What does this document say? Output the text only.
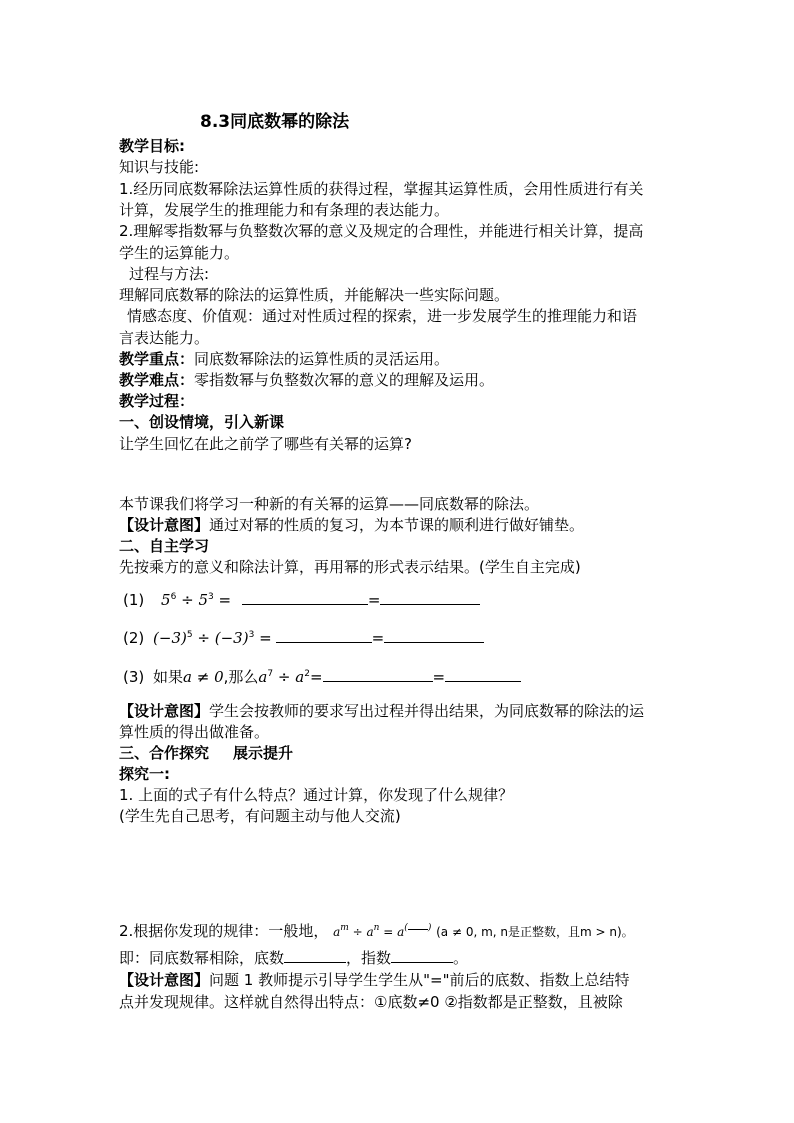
8.3同底数幂的除法
教学目标:
知识与技能:
1.经历同底数幂除法运算性质的获得过程，掌握其运算性质，会用性质进行有关
计算，发展学生的推理能力和有条理的表达能力。
2.理解零指数幂与负整数次幂的意义及规定的合理性，并能进行相关计算，提高
学生的运算能力。
过程与方法:
理解同底数幂的除法的运算性质，并能解决一些实际问题。
情感态度、价值观：通过对性质过程的探索，进一步发展学生的推理能力和语
言表达能力。
教学重点：同底数幂除法的运算性质的灵活运用。
教学难点：零指数幂与负整数次幂的意义的理解及运用。
教学过程：
一、创设情境，引入新课
让学生回忆在此之前学了哪些有关幂的运算?
本节课我们将学习一种新的有关幂的运算——同底数幂的除法。
【设计意图】通过对幂的性质的复习，为本节课的顺利进行做好铺垫。
二、自主学习
先按乘方的意义和除法计算，再用幂的形式表示结果。(学生自主完成)
(1) $5^6 \div 5^3$ =	=
(2) $(-3)^5 \div (-3)^3$ =	=
(3) 如果a ≠ 0,那么$a^7 \div a^2=$	=
【设计意图】学生会按教师的要求写出过程并得出结果，为同底数幂的除法的运
算性质的得出做准备。
三、合作探究 展示提升
探究一:
1. 上面的式子有什么特点？通过计算，你发现了什么规律？
(学生先自己思考，有问题主动与他人交流)
2.根据你发现的规律：一般地， $a^m \div a^n = a^{( )}$ (a ≠ 0, m, n是正整数，且m > n)。
即：同底数幂相除，底数	，指数	。
【设计意图】问题 1 教师提示引导学生学生从"="前后的底数、指数上总结特
点并发现规律。这样就自然得出特点：①底数≠0 ②指数都是正整数，且被除
